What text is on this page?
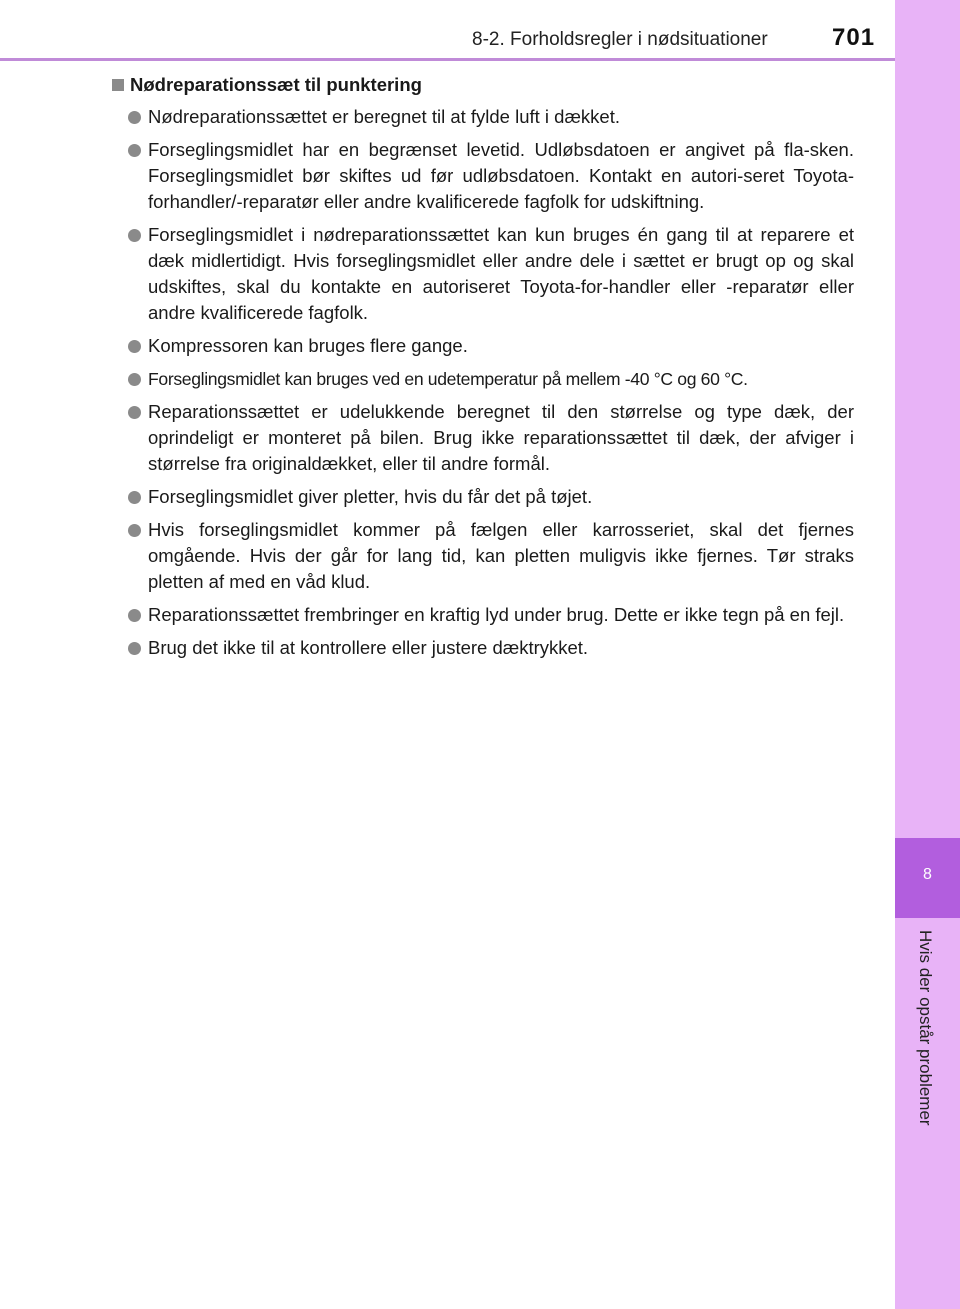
8-2. Forholdsregler i nødsituationer	701
8
Hvis der opstår problemer
Nødreparationssæt til punktering
Nødreparationssættet er beregnet til at fylde luft i dækket.
Forseglingsmidlet har en begrænset levetid. Udløbsdatoen er angivet på fla-sken. Forseglingsmidlet bør skiftes ud før udløbsdatoen. Kontakt en autori-seret Toyota-forhandler/-reparatør eller andre kvalificerede fagfolk for udskiftning.
Forseglingsmidlet i nødreparationssættet kan kun bruges én gang til at reparere et dæk midlertidigt. Hvis forseglingsmidlet eller andre dele i sættet er brugt op og skal udskiftes, skal du kontakte en autoriseret Toyota-for-handler eller -reparatør eller andre kvalificerede fagfolk.
Kompressoren kan bruges flere gange.
Forseglingsmidlet kan bruges ved en udetemperatur på mellem -40 °C og 60 °C.
Reparationssættet er udelukkende beregnet til den størrelse og type dæk, der oprindeligt er monteret på bilen. Brug ikke reparationssættet til dæk, der afviger i størrelse fra originaldækket, eller til andre formål.
Forseglingsmidlet giver pletter, hvis du får det på tøjet.
Hvis forseglingsmidlet kommer på fælgen eller karrosseriet, skal det fjernes omgående. Hvis der går for lang tid, kan pletten muligvis ikke fjernes. Tør straks pletten af med en våd klud.
Reparationssættet frembringer en kraftig lyd under brug. Dette er ikke tegn på en fejl.
Brug det ikke til at kontrollere eller justere dæktrykket.
